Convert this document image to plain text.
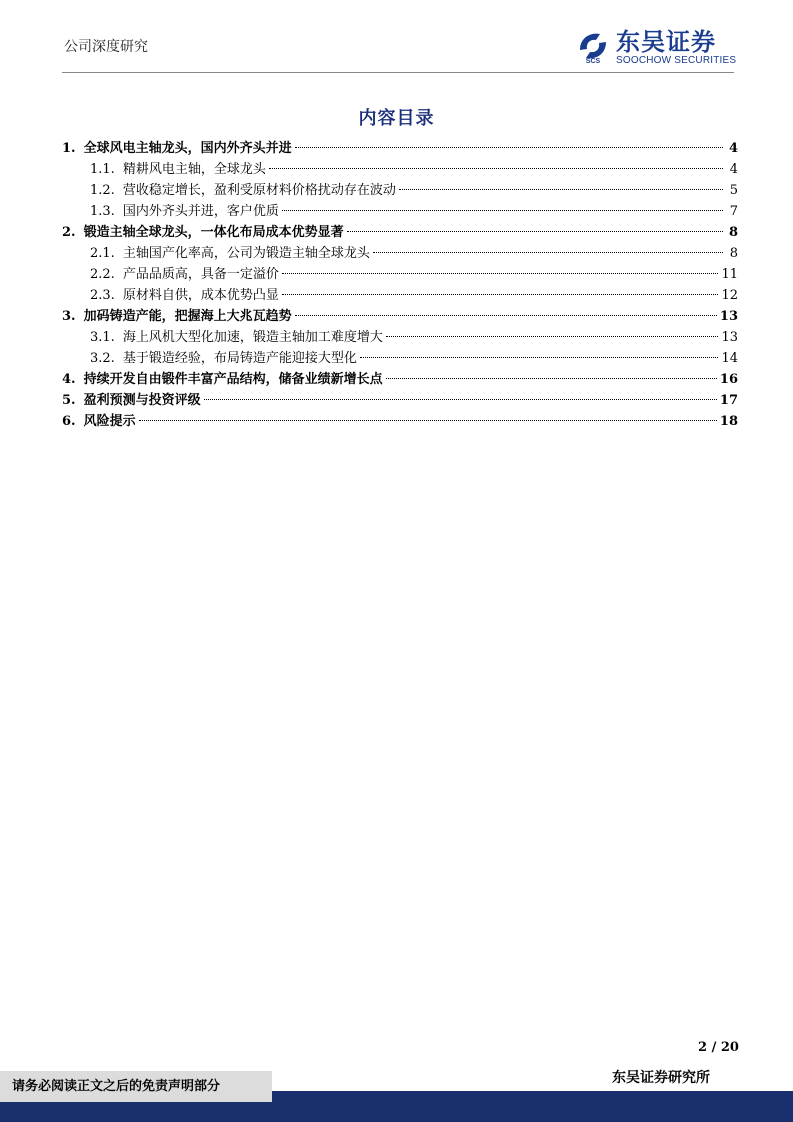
公司深度研究
SCS
东吴证券
SOOCHOW SECURITIES
内容目录
1. 全球风电主轴龙头，国内外齐头并进	4
1.1. 精耕风电主轴，全球龙头	4
1.2. 营收稳定增长，盈利受原材料价格扰动存在波动	5
1.3. 国内外齐头并进，客户优质	7
2. 锻造主轴全球龙头，一体化布局成本优势显著	8
2.1. 主轴国产化率高，公司为锻造主轴全球龙头	8
2.2. 产品品质高，具备一定溢价	11
2.3. 原材料自供，成本优势凸显	12
3. 加码铸造产能，把握海上大兆瓦趋势	13
3.1. 海上风机大型化加速，锻造主轴加工难度增大	13
3.2. 基于锻造经验，布局铸造产能迎接大型化	14
4. 持续开发自由锻件丰富产品结构，储备业绩新增长点	16
5. 盈利预测与投资评级	17
6. 风险提示	18
2 / 20
东吴证券研究所
请务必阅读正文之后的免责声明部分
